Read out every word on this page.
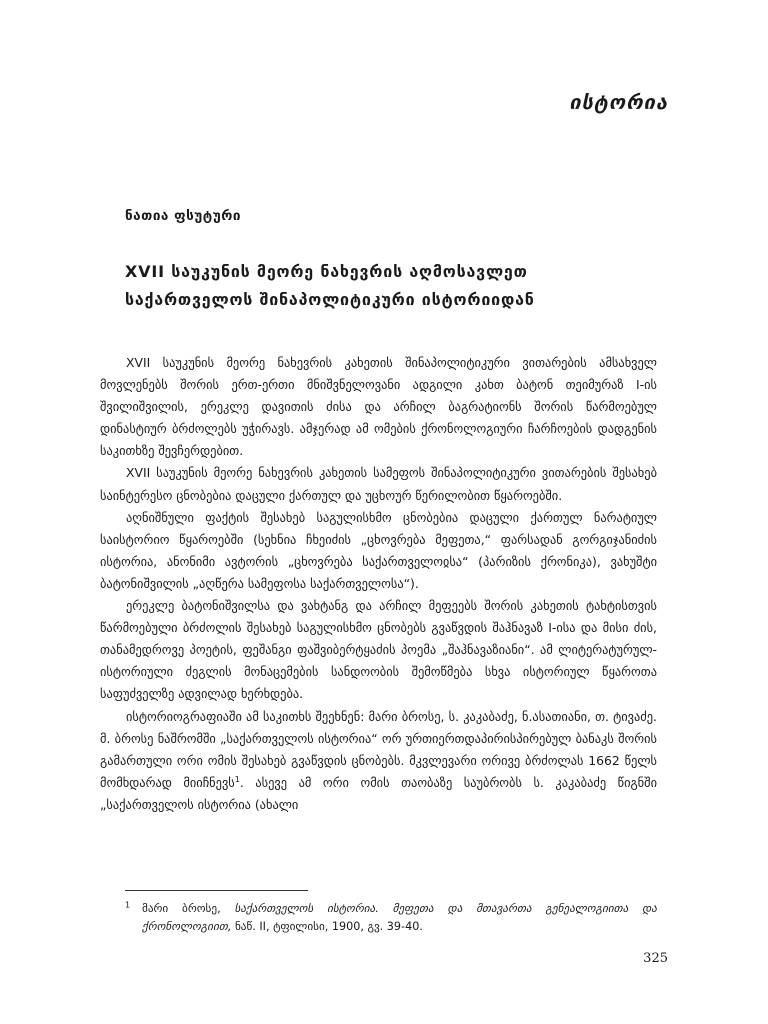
ისტორია

ნათია ფსუტური

XVII საუკუნის მეორე ნახევრის აღმოსავლეთ
საქართველოს შინაპოლიტიკური ისტორიიდან

XVII საუკუნის მეორე ნახევრის კახეთის შინაპოლიტიკური ვითარების ამსახველ მოვლენებს შორის ერთ-ერთი მნიშვნელოვანი ადგილი კახთ ბატონ თეიმურაზ I-ის შვილიშვილის, ერეკლე დავითის ძისა და არჩილ ბაგრატიონს შორის წარმოებულ დინასტიურ ბრძოლებს უჭირავს. ამჯერად ამ ომების ქრონოლოგიური ჩარჩოების დადგენის საკითხზე შევჩერდებით.

XVII საუკუნის მეორე ნახევრის კახეთის სამეფოს შინაპოლიტიკური ვითარების შესახებ საინტერესო ცნობებია დაცული ქართულ და უცხოურ წერილობით წყაროებში.

აღნიშნული ფაქტის შესახებ საგულისხმო ცნობებია დაცული ქართულ ნარატიულ საისტორიო წყაროებში (სეხნია ჩხეიძის „ცხოვრება მეფეთა,“ ფარსადან გორგიჯანიძის ისტორია, ანონიმი ავტორის „ცხოვრება საქართველოჲსა“ (პარიზის ქრონიკა), ვახუშტი ბატონიშვილის „აღწერა სამეფოსა საქართველოსა“).

ერეკლე ბატონიშვილსა და ვახტანგ და არჩილ მეფეებს შორის კახეთის ტახტისთვის წარმოებული ბრძოლის შესახებ საგულისხმო ცნობებს გვაწვდის შაჰნავაზ I-ისა და მისი ძის, თანამედროვე პოეტის, ფეშანგი ფაშვიბერტყაძის პოემა „შაჰნავაზიანი“. ამ ლიტერატურულ-ისტორიული ძეგლის მონაცემების სანდოობის შემოწმება სხვა ისტორიულ წყაროთა საფუძველზე ადვილად ხერხდება.

ისტორიოგრაფიაში ამ საკითხს შეეხნენ: მარი ბროსე, ს. კაკაბაძე, ნ.ასათიანი, თ. ტივაძე. მ. ბროსე ნაშრომში „საქართველოს ისტორია“ ორ ურთიერთდაპირისპირებულ ბანაკს შორის გამართული ორი ომის შესახებ გვაწვდის ცნობებს. მკვლევარი ორივე ბრძოლას 1662 წელს მომხდარად მიიჩნევს$^1$. ასევე ამ ორი ომის თაობაზე საუბრობს ს. კაკაბაძე წიგნში „საქართველოს ისტორია (ახალი

$^1$	მარი ბროსე, საქართველოს ისტორია. მეფეთა და მთავართა გენეალოგიითა და ქრონოლოგიით, ნაწ. II, ტფილისი, 1900, გვ. 39-40.
325
